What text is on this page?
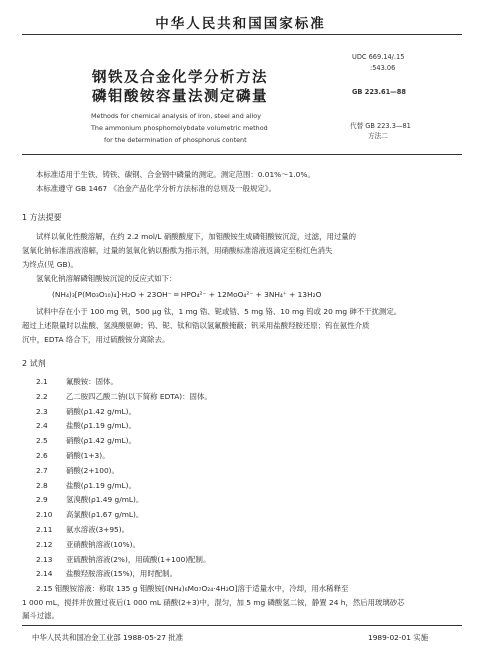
中华人民共和国国家标准
钢铁及合金化学分析方法
磷钼酸铵容量法测定磷量
Methods for chemical analysis of iron, steel and alloy
The ammonium phosphomolybdate volumetric method
for the determination of phosphorus content
UDC 669.14/.15
:543.06
GB 223.61—88
代替 GB 223.3—81
方法二
本标准适用于生铁、铸铁、碳钢、合金钢中磷量的测定。测定范围：0.01%～1.0%。
本标准遵守 GB 1467 《冶金产品化学分析方法标准的总则及一般规定》。
1 方法提要
试样以氧化性酸溶解，在约 2.2 mol/L 硝酸酸度下，加钼酸铵生成磷钼酸铵沉淀，过滤，用过量的
氢氧化钠标准溶液溶解，过量的氢氧化钠以酚酞为指示剂，用硝酸标准溶液返滴定至粉红色消失
为终点(见 GB)。
氢氧化钠溶解磷钼酸铵沉淀的反应式如下：
(NH₄)₃[P(Mo₃O₁₀)₄]·H₂O + 23OH⁻ ═ HPO₄²⁻ + 12MoO₄²⁻ + 3NH₄⁺ + 13H₂O
试料中存在小于 100 mg 钒，500 μg 钛，1 mg 锆、铌或锆、5 mg 铬、10 mg 钨或 20 mg 砷不干扰测定。
超过上述限量时以盐酸、氢溴酸驱砷；钨、铌、钛和锆以氢氟酸掩蔽；钒采用盐酸羟胺还原；钨在氨性介质
沉中，EDTA 络合下，用过硫酸铵分离除去。
2 试剂
2.1 氟酸铵：固体。
2.2 乙二胺四乙酸二钠(以下简称 EDTA)：固体。
2.3 硝酸(ρ1.42 g/mL)。
2.4 盐酸(ρ1.19 g/mL)。
2.5 硝酸(ρ1.42 g/mL)。
2.6 硝酸(1+3)。
2.7 硝酸(2+100)。
2.8 盐酸(ρ1.19 g/mL)。
2.9 氢溴酸(ρ1.49 g/mL)。
2.10 高氯酸(ρ1.67 g/mL)。
2.11 氨水溶液(3+95)。
2.12 亚硝酸钠溶液(10%)。
2.13 亚硫酸钠溶液(2%)，用硫酸(1+100)配制。
2.14 盐酸羟胺溶液(15%)，用时配制。
2.15 钼酸铵溶液：称取 135 g 钼酸铵[(NH₄)₆Mo₇O₂₄·4H₂O]溶于适量水中，冷却，用水稀释至
1 000 mL，搅拌并放置过夜后(1 000 mL 硝酸(2+3)中，混匀，加 5 mg 磷酸氢二铵，静置 24 h，然后用玻璃砂芯
漏斗过滤。
中华人民共和国冶金工业部 1988-05-27 批准	1989-02-01 实施
